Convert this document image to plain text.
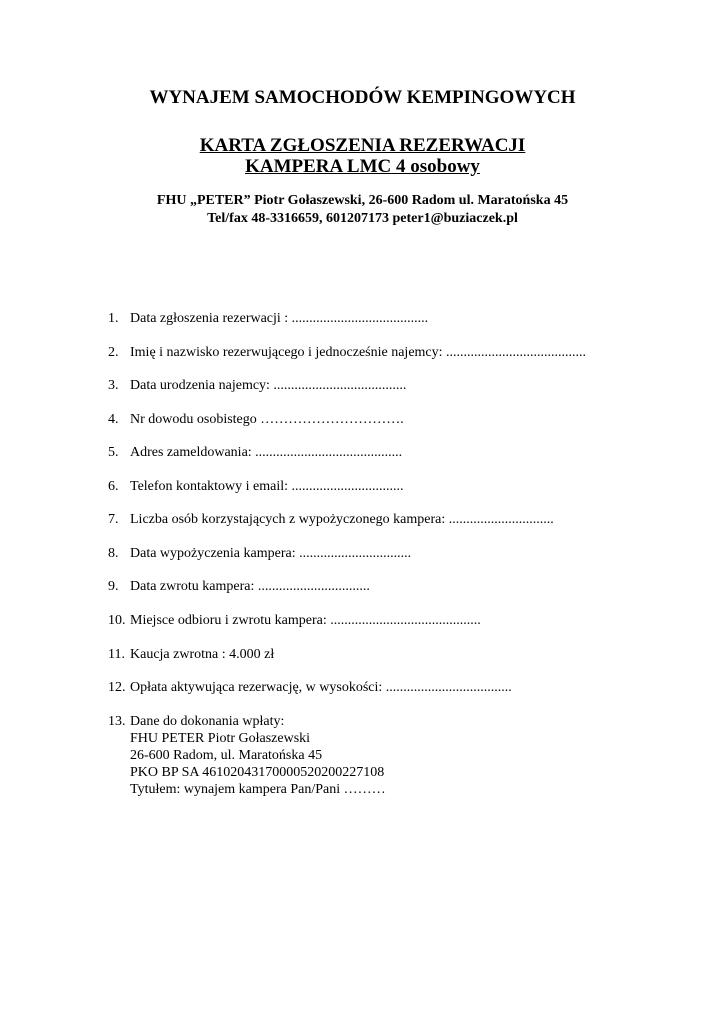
WYNAJEM SAMOCHODÓW KEMPINGOWYCH
KARTA ZGŁOSZENIA REZERWACJI
KAMPERA LMC 4 osobowy
FHU „PETER” Piotr Gołaszewski, 26-600 Radom ul. Maratońska 45
Tel/fax 48-3316659, 601207173 peter1@buziaczek.pl
1. Data zgłoszenia rezerwacji : .......................................
2. Imię i nazwisko rezerwującego i jednocześnie najemcy: ........................................
3. Data urodzenia najemcy: ......................................
4. Nr dowodu osobistego ………………………….
5. Adres zameldowania: ..........................................
6. Telefon kontaktowy i email: ................................
7. Liczba osób korzystających z wypożyczonego kampera: ..............................
8. Data wypożyczenia kampera: ................................
9. Data zwrotu kampera: ................................
10. Miejsce odbioru i zwrotu kampera: ...........................................
11. Kaucja zwrotna : 4.000 zł
12. Opłata aktywująca rezerwację, w wysokości: ....................................
13. Dane do dokonania wpłaty:
FHU PETER Piotr Gołaszewski
26-600 Radom, ul. Maratońska 45
PKO BP SA 46102043170000520200227108
Tytułem: wynajem kampera Pan/Pani ………
